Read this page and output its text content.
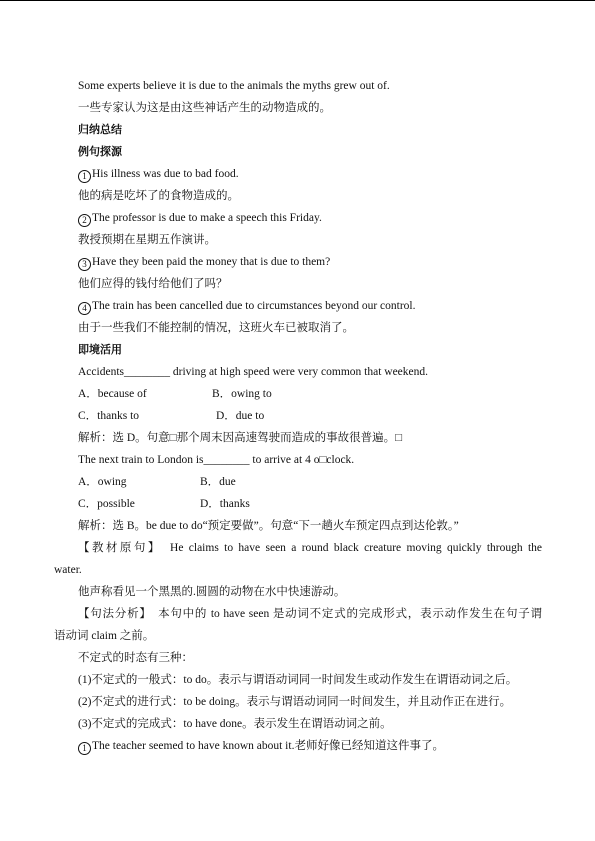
Some experts believe it is due to the animals the myths grew out of.
一些专家认为这是由这些神话产生的动物造成的。
归纳总结
例句探源
1 His illness was due to bad food.
他的病是吃坏了的食物造成的。
2 The professor is due to make a speech this Friday.
教授预期在星期五作演讲。
3 Have they been paid the money that is due to them?
他们应得的钱付给他们了吗？
4 The train has been cancelled due to circumstances beyond our control.
由于一些我们不能控制的情况，这班火车已被取消了。
即境活用
Accidents________ driving at high speed were very common that weekend.
A．because of	B．owing to
C．thanks to	D．due to
解析：选 D。句意□那个周末因高速驾驶而造成的事故很普遍。□
The next train to London is________ to arrive at 4 o□clock.
A．owing	B．due
C．possible	D．thanks
解析：选 B。be due to do“预定要做”。句意“下一趟火车预定四点到达伦敦。”
【教材原句】　He claims to have seen a round black creature moving quickly through the
water.
他声称看见一个黑黑的.圆圆的动物在水中快速游动。
【句法分析】　本句中的 to have seen 是动词不定式的完成形式，表示动作发生在句子谓
语动词 claim 之前。
不定式的时态有三种：
(1)不定式的一般式：to do。表示与谓语动词同一时间发生或动作发生在谓语动词之后。
(2)不定式的进行式：to be doing。表示与谓语动词同一时间发生，并且动作正在进行。
(3)不定式的完成式：to have done。表示发生在谓语动词之前。
1 The teacher seemed to have known about it.老师好像已经知道这件事了。
